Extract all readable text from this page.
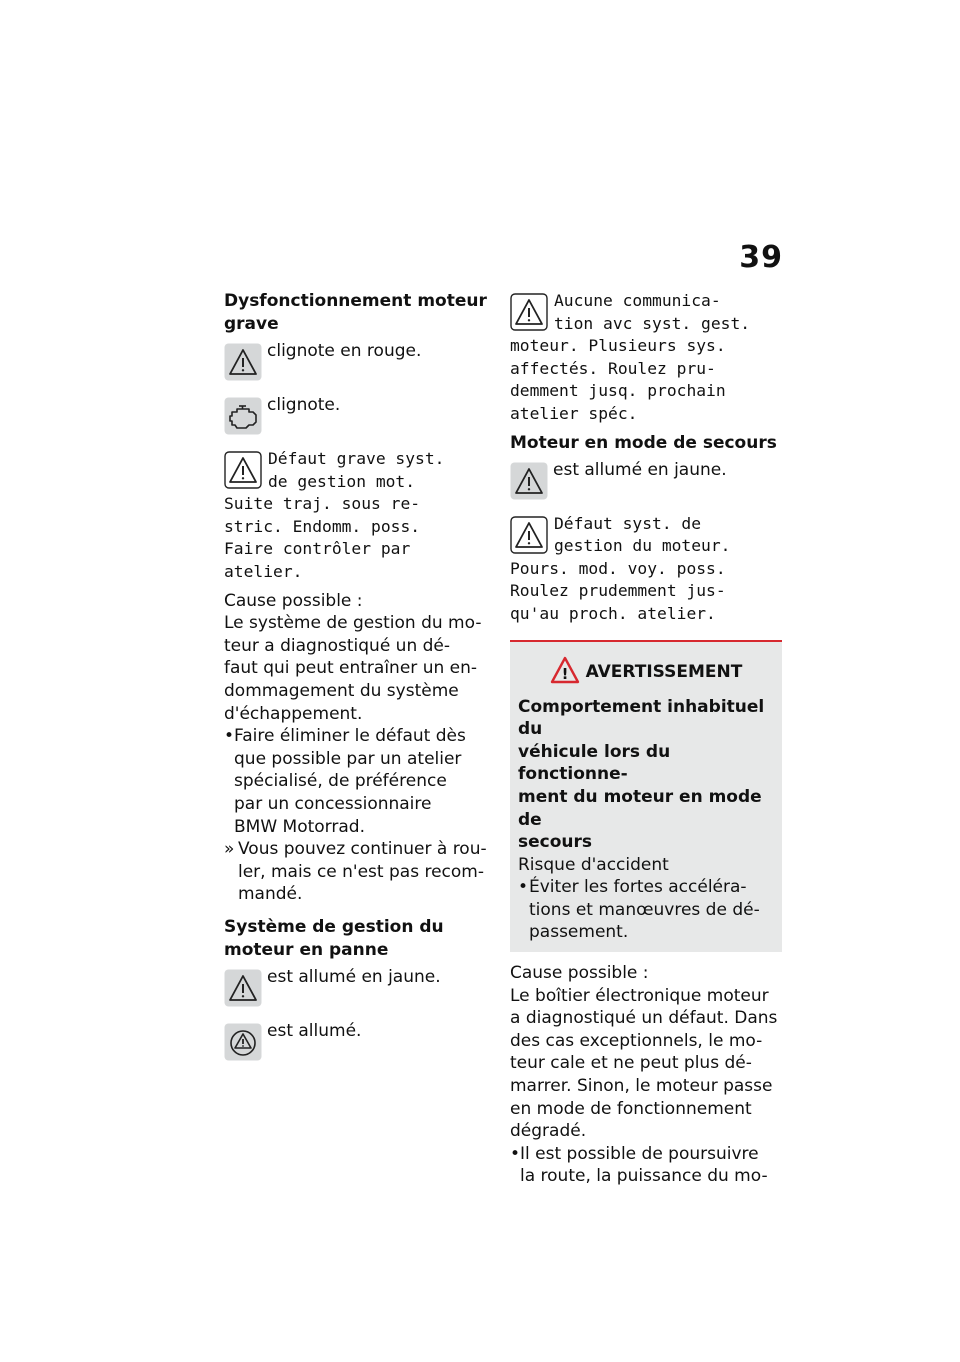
39

Dysfonctionnement moteur
grave

clignote en rouge.
clignote.

Défaut grave syst.
de gestion mot.
Suite traj. sous re-
stric. Endomm. poss.
Faire contrôler par
atelier.

Cause possible :

Le système de gestion du mo-
teur a diagnostiqué un dé-
faut qui peut entraîner un en-
dommagement du système
d'échappement.

• Faire éliminer le défaut dès
que possible par un atelier
spécialisé, de préférence
par un concessionnaire
BMW Motorrad.
» Vous pouvez continuer à rou-
ler, mais ce n'est pas recom-
mandé.

Système de gestion du
moteur en panne

est allumé en jaune.
est allumé.

Aucune communica-
tion avc syst. gest.
moteur. Plusieurs sys.
affectés. Roulez pru-
demment jusq. prochain
atelier spéc.

Moteur en mode de secours

est allumé en jaune.

Défaut syst. de
gestion du moteur.
Pours. mod. voy. poss.
Roulez prudemment jus-
qu'au proch. atelier.

! AVERTISSEMENT

Comportement inhabituel du
véhicule lors du fonctionne-
ment du moteur en mode de
secours

Risque d'accident

• Éviter les fortes accéléra-
tions et manœuvres de dé-
passement.

Cause possible :

Le boîtier électronique moteur
a diagnostiqué un défaut. Dans
des cas exceptionnels, le mo-
teur cale et ne peut plus dé-
marrer. Sinon, le moteur passe
en mode de fonctionnement
dégradé.

• Il est possible de poursuivre
la route, la puissance du mo-
